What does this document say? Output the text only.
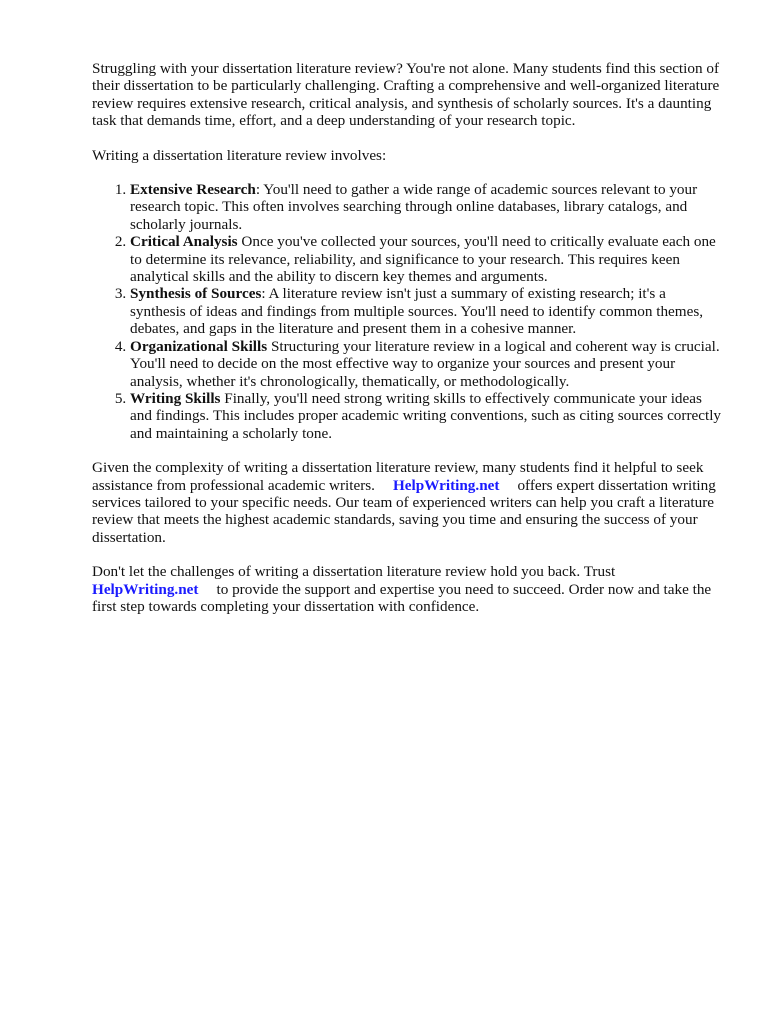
Struggling with your dissertation literature review? You're not alone. Many students find this section of their dissertation to be particularly challenging. Crafting a comprehensive and well-organized literature review requires extensive research, critical analysis, and synthesis of scholarly sources. It's a daunting task that demands time, effort, and a deep understanding of your research topic.

Writing a dissertation literature review involves:

1. Extensive Research: You'll need to gather a wide range of academic sources relevant to your research topic. This often involves searching through online databases, library catalogs, and scholarly journals.
2. Critical Analysis Once you've collected your sources, you'll need to critically evaluate each one to determine its relevance, reliability, and significance to your research. This requires keen analytical skills and the ability to discern key themes and arguments.
3. Synthesis of Sources: A literature review isn't just a summary of existing research; it's a synthesis of ideas and findings from multiple sources. You'll need to identify common themes, debates, and gaps in the literature and present them in a cohesive manner.
4. Organizational Skills Structuring your literature review in a logical and coherent way is crucial. You'll need to decide on the most effective way to organize your sources and present your analysis, whether it's chronologically, thematically, or methodologically.
5. Writing Skills Finally, you'll need strong writing skills to effectively communicate your ideas and findings. This includes proper academic writing conventions, such as citing sources correctly and maintaining a scholarly tone.

Given the complexity of writing a dissertation literature review, many students find it helpful to seek assistance from professional academic writers. HelpWriting.net offers expert dissertation writing services tailored to your specific needs. Our team of experienced writers can help you craft a literature review that meets the highest academic standards, saving you time and ensuring the success of your dissertation.

Don't let the challenges of writing a dissertation literature review hold you back. Trust
HelpWriting.net to provide the support and expertise you need to succeed. Order now and take the first step towards completing your dissertation with confidence.
